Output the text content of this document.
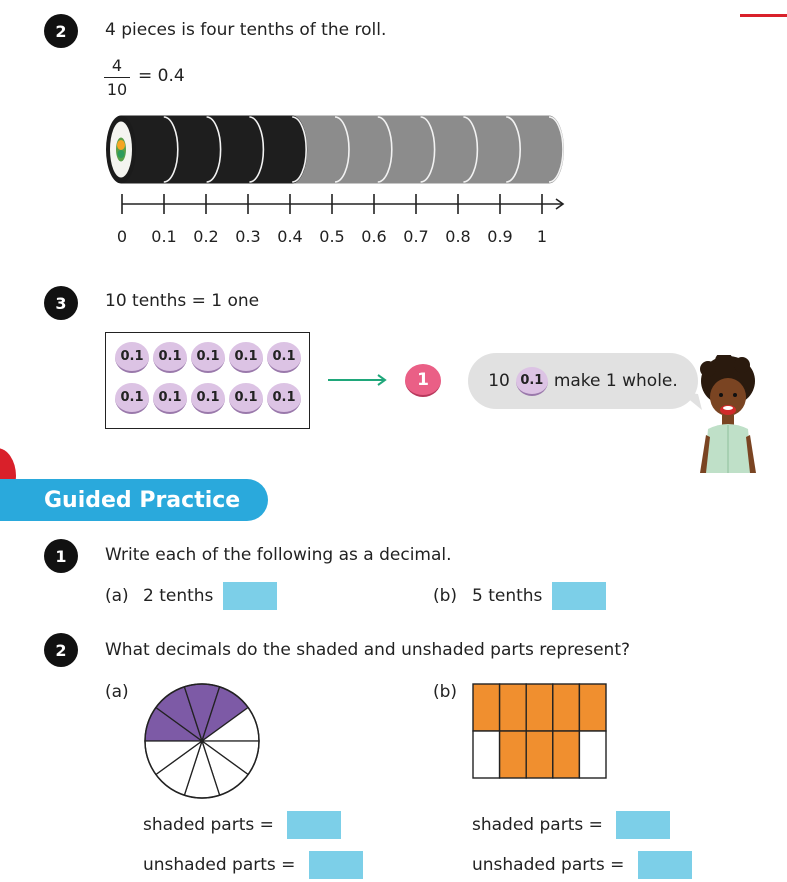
2	4 pieces is four tenths of the roll.
4
10
= 0.4
0 0.1 0.2 0.3 0.4 0.5 0.6 0.7 0.8 0.9 1
3	10 tenths = 1 one
0.1	0.1	0.1	0.1	0.1
0.1	0.1	0.1	0.1	0.1
1	10 0.1 make 1 whole.
Guided Practice
1	Write each of the following as a decimal.
(a) 2 tenths	(b) 5 tenths
2	What decimals do the shaded and unshaded parts represent?
(a)	(b)
shaded parts =
unshaded parts =
shaded parts =
unshaded parts =
